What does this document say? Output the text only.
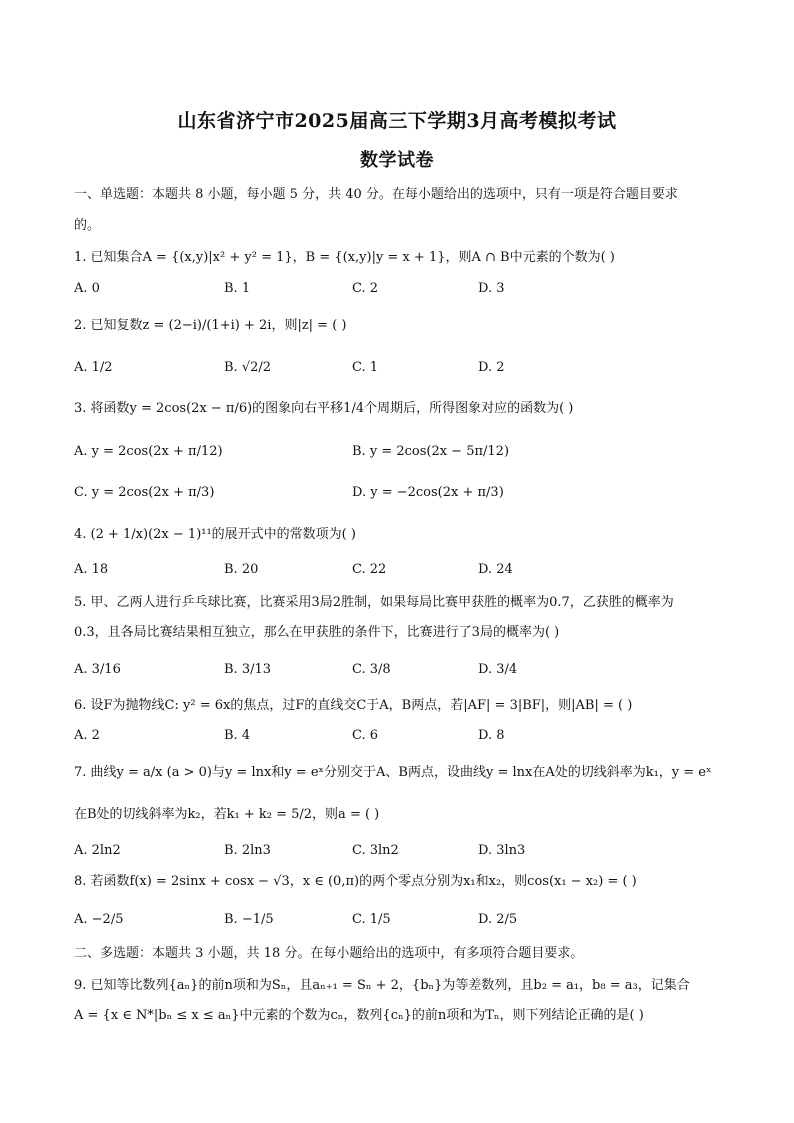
山东省济宁市2025届高三下学期3月高考模拟考试
数学试卷
一、单选题：本题共 8 小题，每小题 5 分，共 40 分。在每小题给出的选项中，只有一项是符合题目要求
的。
1. 已知集合A = {(x,y)|x² + y² = 1}，B = {(x,y)|y = x + 1}，则A ∩ B中元素的个数为( )
A. 0	B. 1	C. 2	D. 3
2. 已知复数z = (2−i)/(1+i) + 2i，则|z| = ( )
A. 1/2	B. √2/2	C. 1	D. 2
3. 将函数y = 2cos(2x − π/6)的图象向右平移1/4个周期后，所得图象对应的函数为( )
A. y = 2cos(2x + π/12)	B. y = 2cos(2x − 5π/12)
C. y = 2cos(2x + π/3)	D. y = −2cos(2x + π/3)
4. (2 + 1/x)(2x − 1)¹¹的展开式中的常数项为( )
A. 18	B. 20	C. 22	D. 24
5. 甲、乙两人进行乒乓球比赛，比赛采用3局2胜制，如果每局比赛甲获胜的概率为0.7，乙获胜的概率为
0.3，且各局比赛结果相互独立，那么在甲获胜的条件下，比赛进行了3局的概率为( )
A. 3/16	B. 3/13	C. 3/8	D. 3/4
6. 设F为抛物线C: y² = 6x的焦点，过F的直线交C于A，B两点，若|AF| = 3|BF|，则|AB| = ( )
A. 2	B. 4	C. 6	D. 8
7. 曲线y = a/x (a > 0)与y = lnx和y = eˣ分别交于A、B两点，设曲线y = lnx在A处的切线斜率为k₁，y = eˣ
在B处的切线斜率为k₂，若k₁ + k₂ = 5/2，则a = ( )
A. 2ln2	B. 2ln3	C. 3ln2	D. 3ln3
8. 若函数f(x) = 2sinx + cosx − √3，x ∈ (0,π)的两个零点分别为x₁和x₂，则cos(x₁ − x₂) = ( )
A. −2/5	B. −1/5	C. 1/5	D. 2/5
二、多选题：本题共 3 小题，共 18 分。在每小题给出的选项中，有多项符合题目要求。
9. 已知等比数列{aₙ}的前n项和为Sₙ，且aₙ₊₁ = Sₙ + 2，{bₙ}为等差数列，且b₂ = a₁，b₈ = a₃，记集合
A = {x ∈ N*|bₙ ≤ x ≤ aₙ}中元素的个数为cₙ，数列{cₙ}的前n项和为Tₙ，则下列结论正确的是( )
